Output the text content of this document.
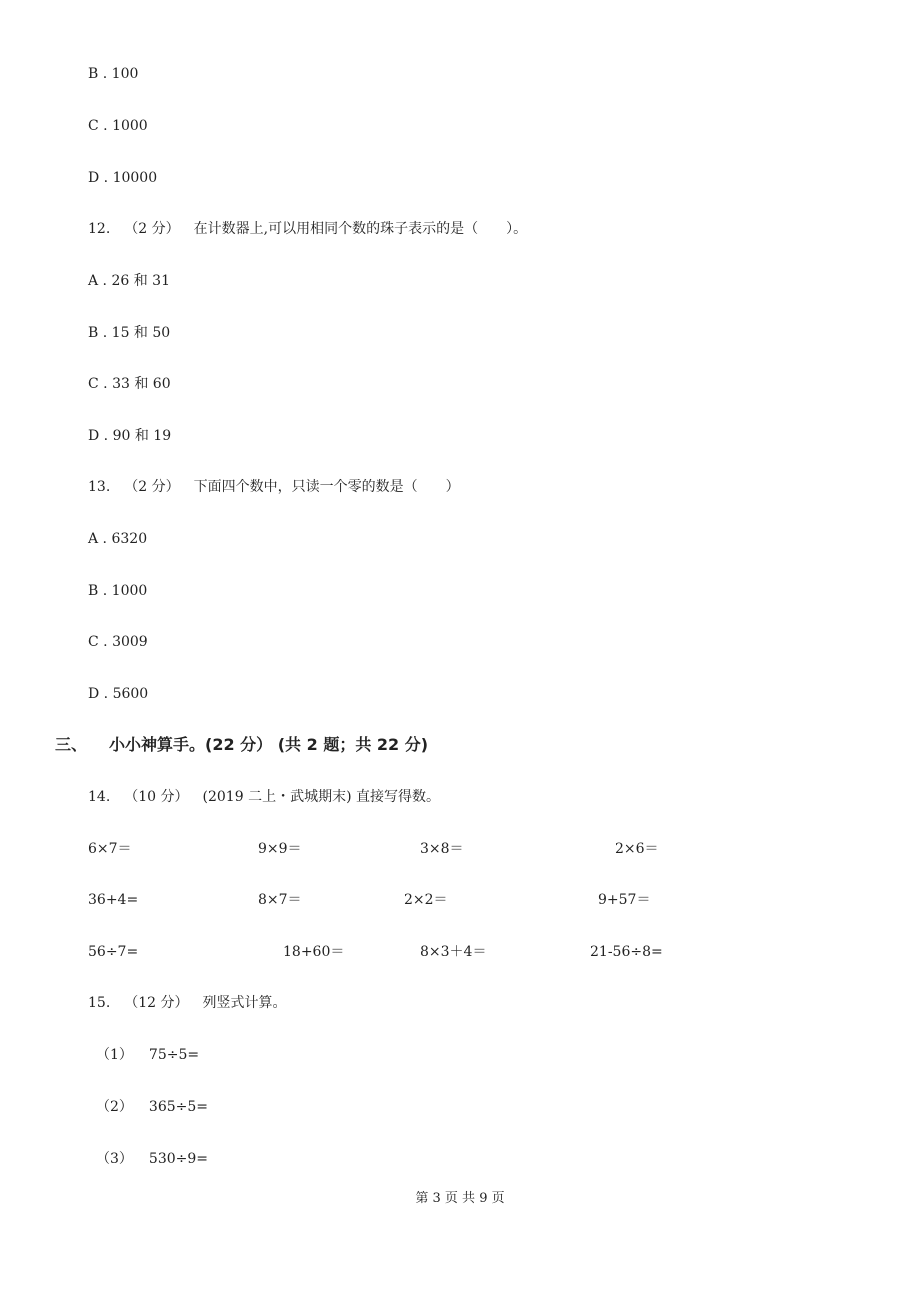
B . 100
C . 1000
D . 10000
12. （2 分） 在计数器上,可以用相同个数的珠子表示的是（　　）。
A . 26 和 31
B . 15 和 50
C . 33 和 60
D . 90 和 19
13. （2 分） 下面四个数中，只读一个零的数是（　　）
A . 6320
B . 1000
C . 3009
D . 5600
三、 小小神算手。(22 分） (共 2 题；共 22 分)
14. （10 分） (2019 二上・武城期末) 直接写得数。
6×7＝	9×9＝	3×8＝	2×6＝
36+4=	8×7＝	2×2＝	9+57＝
56÷7=	18+60＝	8×3＋4＝	21-56÷8=
15. （12 分） 列竖式计算。
（1） 75÷5=
（2） 365÷5=
（3） 530÷9=
第 3 页 共 9 页
